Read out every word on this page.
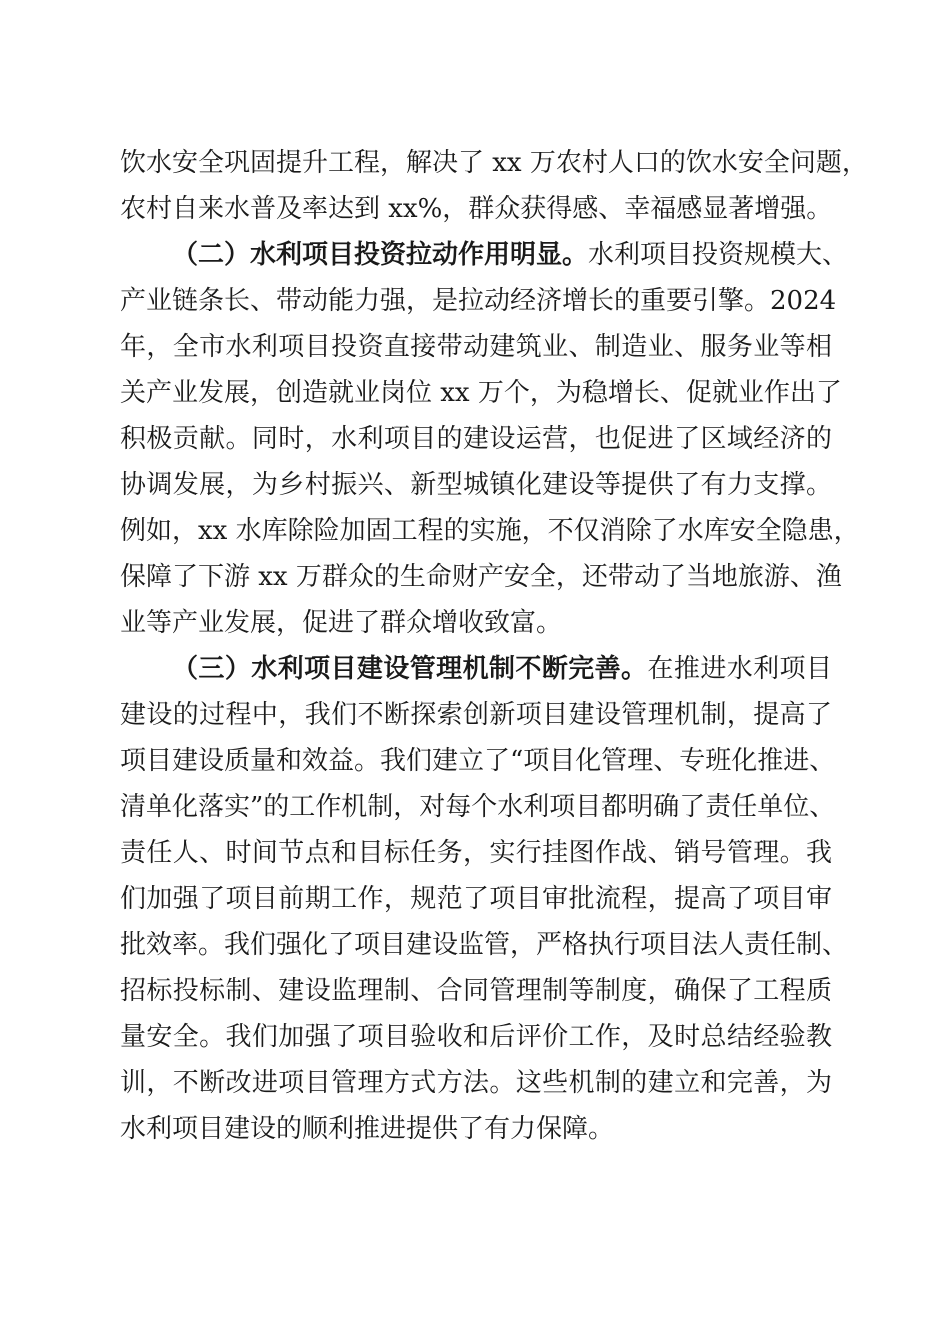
饮水安全巩固提升工程，解决了 xx 万农村人口的饮水安全问题，
农村自来水普及率达到 xx%，群众获得感、幸福感显著增强。
（二）水利项目投资拉动作用明显。水利项目投资规模大、
产业链条长、带动能力强，是拉动经济增长的重要引擎。2024
年，全市水利项目投资直接带动建筑业、制造业、服务业等相
关产业发展，创造就业岗位 xx 万个，为稳增长、促就业作出了
积极贡献。同时，水利项目的建设运营，也促进了区域经济的
协调发展，为乡村振兴、新型城镇化建设等提供了有力支撑。
例如，xx 水库除险加固工程的实施，不仅消除了水库安全隐患，
保障了下游 xx 万群众的生命财产安全，还带动了当地旅游、渔
业等产业发展，促进了群众增收致富。
（三）水利项目建设管理机制不断完善。在推进水利项目
建设的过程中，我们不断探索创新项目建设管理机制，提高了
项目建设质量和效益。我们建立了“项目化管理、专班化推进、
清单化落实”的工作机制，对每个水利项目都明确了责任单位、
责任人、时间节点和目标任务，实行挂图作战、销号管理。我
们加强了项目前期工作，规范了项目审批流程，提高了项目审
批效率。我们强化了项目建设监管，严格执行项目法人责任制、
招标投标制、建设监理制、合同管理制等制度，确保了工程质
量安全。我们加强了项目验收和后评价工作，及时总结经验教
训，不断改进项目管理方式方法。这些机制的建立和完善，为
水利项目建设的顺利推进提供了有力保障。
